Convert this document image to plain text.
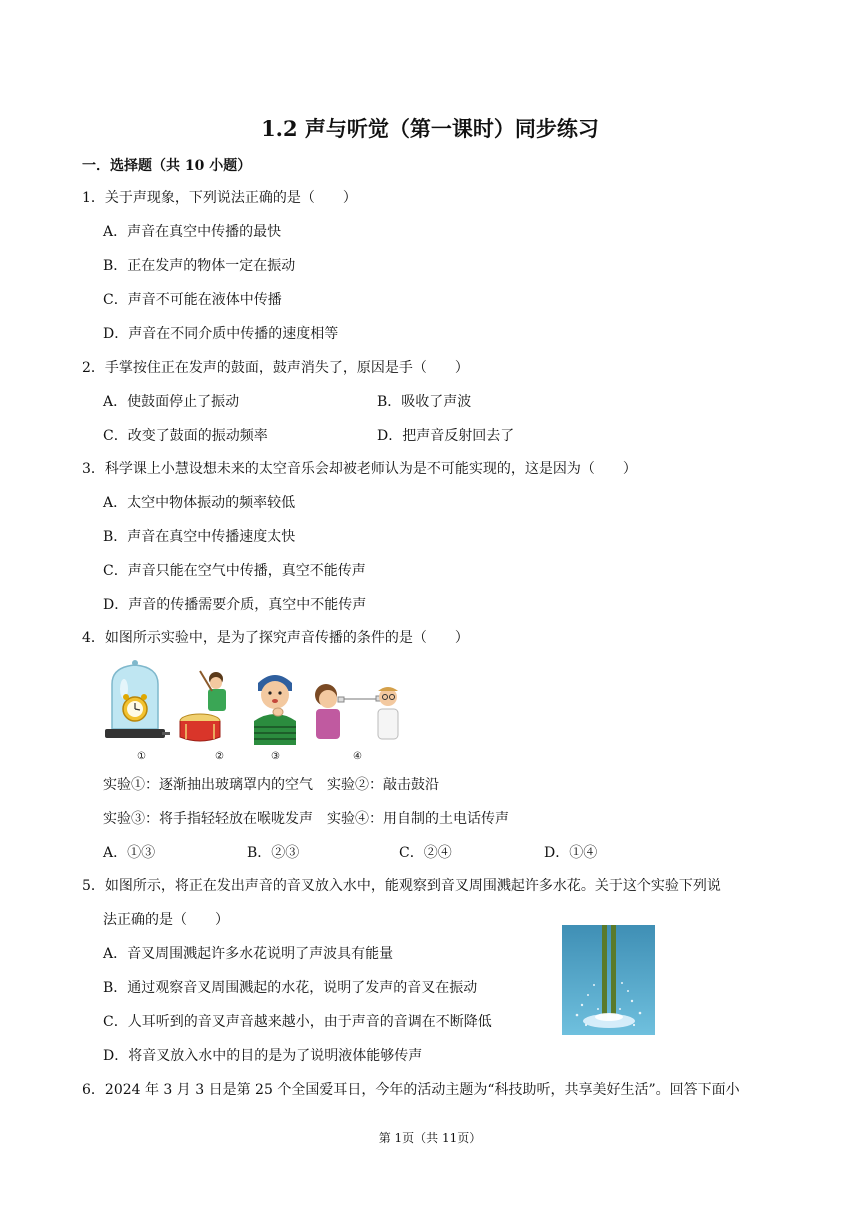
1.2 声与听觉（第一课时）同步练习
一．选择题（共 10 小题）
1．关于声现象，下列说法正确的是（　　）
A．声音在真空中传播的最快
B．正在发声的物体一定在振动
C．声音不可能在液体中传播
D．声音在不同介质中传播的速度相等
2．手掌按住正在发声的鼓面，鼓声消失了，原因是手（　　）
A．使鼓面停止了振动	B．吸收了声波
C．改变了鼓面的振动频率	D．把声音反射回去了
3．科学课上小慧设想未来的太空音乐会却被老师认为是不可能实现的，这是因为（　　）
A．太空中物体振动的频率较低
B．声音在真空中传播速度太快
C．声音只能在空气中传播，真空不能传声
D．声音的传播需要介质，真空中不能传声
4．如图所示实验中，是为了探究声音传播的条件的是（　　）
①	②	③	④
实验①：逐渐抽出玻璃罩内的空气　实验②：敲击鼓沿
实验③：将手指轻轻放在喉咙发声　实验④：用自制的土电话传声
A．①③	B．②③	C．②④	D．①④
5．如图所示，将正在发出声音的音叉放入水中，能观察到音叉周围溅起许多水花。关于这个实验下列说
法正确的是（　　）
A．音叉周围溅起许多水花说明了声波具有能量
B．通过观察音叉周围溅起的水花，说明了发声的音叉在振动
C．人耳听到的音叉声音越来越小，由于声音的音调在不断降低
D．将音叉放入水中的目的是为了说明液体能够传声
6．2024 年 3 月 3 日是第 25 个全国爱耳日，今年的活动主题为“科技助听，共享美好生活”。回答下面小
第 1页（共 11页）
